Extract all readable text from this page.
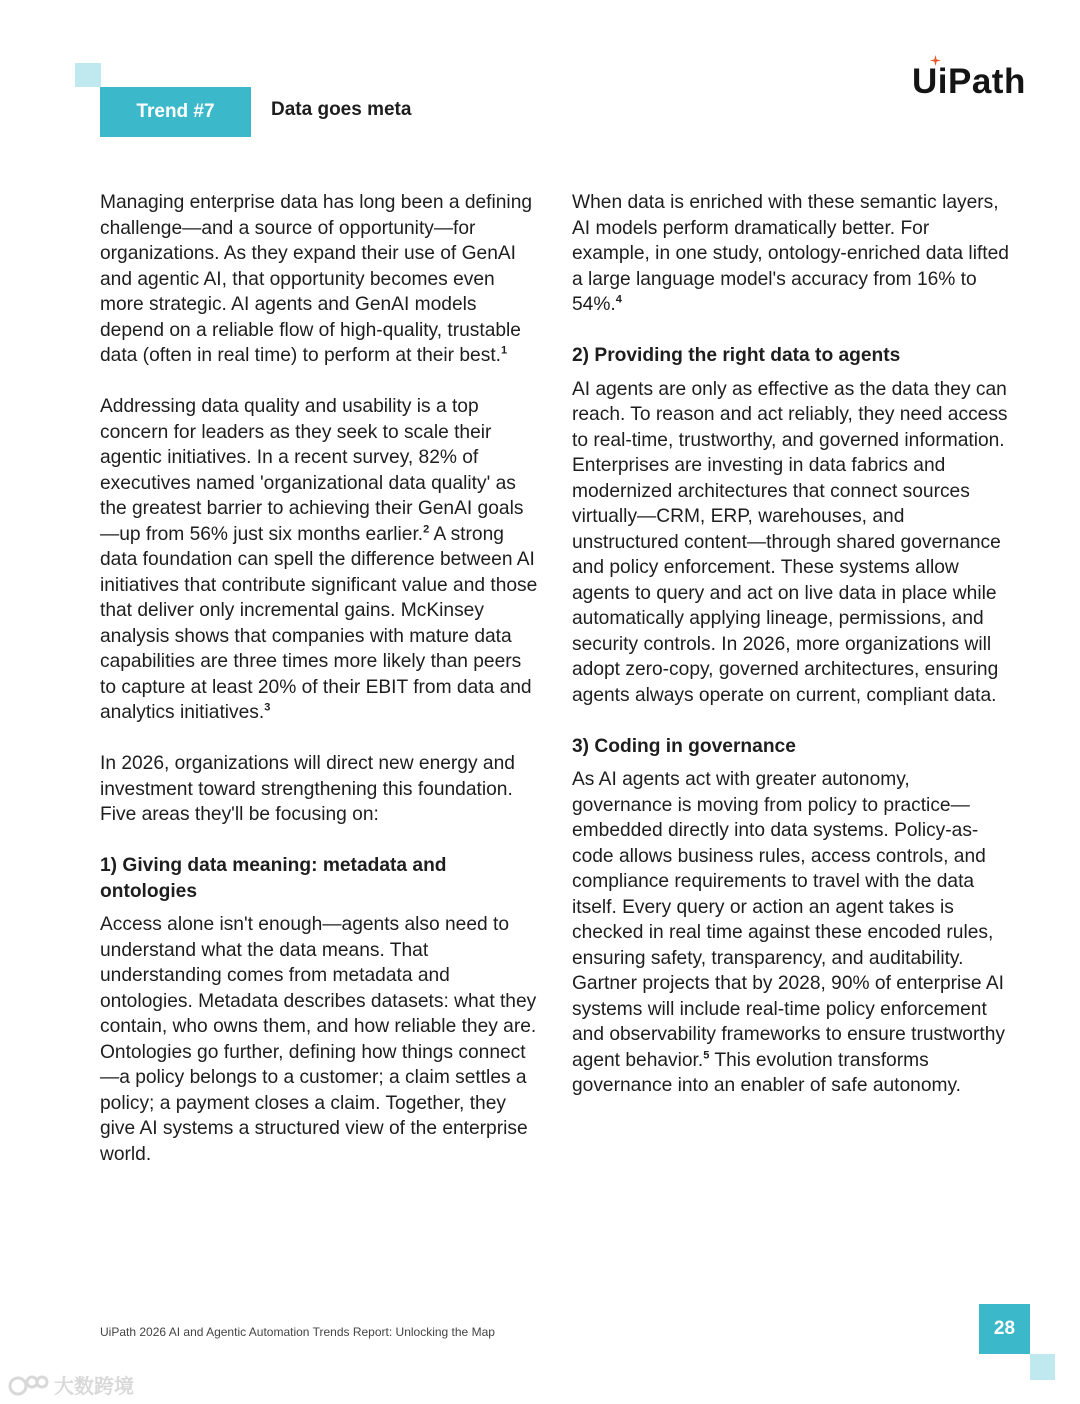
Trend #7	Data goes meta
UiPath

Managing enterprise data has long been a defining challenge—and a source of opportunity—for organizations. As they expand their use of GenAI and agentic AI, that opportunity becomes even more strategic. AI agents and GenAI models depend on a reliable flow of high-quality, trustable data (often in real time) to perform at their best.$^1$

Addressing data quality and usability is a top concern for leaders as they seek to scale their agentic initiatives. In a recent survey, 82% of executives named 'organizational data quality' as the greatest barrier to achieving their GenAI goals—up from 56% just six months earlier.$^2$ A strong data foundation can spell the difference between AI initiatives that contribute significant value and those that deliver only incremental gains. McKinsey analysis shows that companies with mature data capabilities are three times more likely than peers to capture at least 20% of their EBIT from data and analytics initiatives.$^3$

In 2026, organizations will direct new energy and investment toward strengthening this foundation. Five areas they'll be focusing on:

1) Giving data meaning: metadata and ontologies

Access alone isn't enough—agents also need to understand what the data means. That understanding comes from metadata and ontologies. Metadata describes datasets: what they contain, who owns them, and how reliable they are. Ontologies go further, defining how things connect—a policy belongs to a customer; a claim settles a policy; a payment closes a claim. Together, they give AI systems a structured view of the enterprise world.

When data is enriched with these semantic layers, AI models perform dramatically better. For example, in one study, ontology-enriched data lifted a large language model's accuracy from 16% to 54%.$^4$

2) Providing the right data to agents

AI agents are only as effective as the data they can reach. To reason and act reliably, they need access to real-time, trustworthy, and governed information. Enterprises are investing in data fabrics and modernized architectures that connect sources virtually—CRM, ERP, warehouses, and unstructured content—through shared governance and policy enforcement. These systems allow agents to query and act on live data in place while automatically applying lineage, permissions, and security controls. In 2026, more organizations will adopt zero-copy, governed architectures, ensuring agents always operate on current, compliant data.

3) Coding in governance

As AI agents act with greater autonomy, governance is moving from policy to practice—embedded directly into data systems. Policy-as-code allows business rules, access controls, and compliance requirements to travel with the data itself. Every query or action an agent takes is checked in real time against these encoded rules, ensuring safety, transparency, and auditability. Gartner projects that by 2028, 90% of enterprise AI systems will include real-time policy enforcement and observability frameworks to ensure trustworthy agent behavior.$^5$ This evolution transforms governance into an enabler of safe autonomy.

UiPath 2026 AI and Agentic Automation Trends Report: Unlocking the Map	28
大数跨境
